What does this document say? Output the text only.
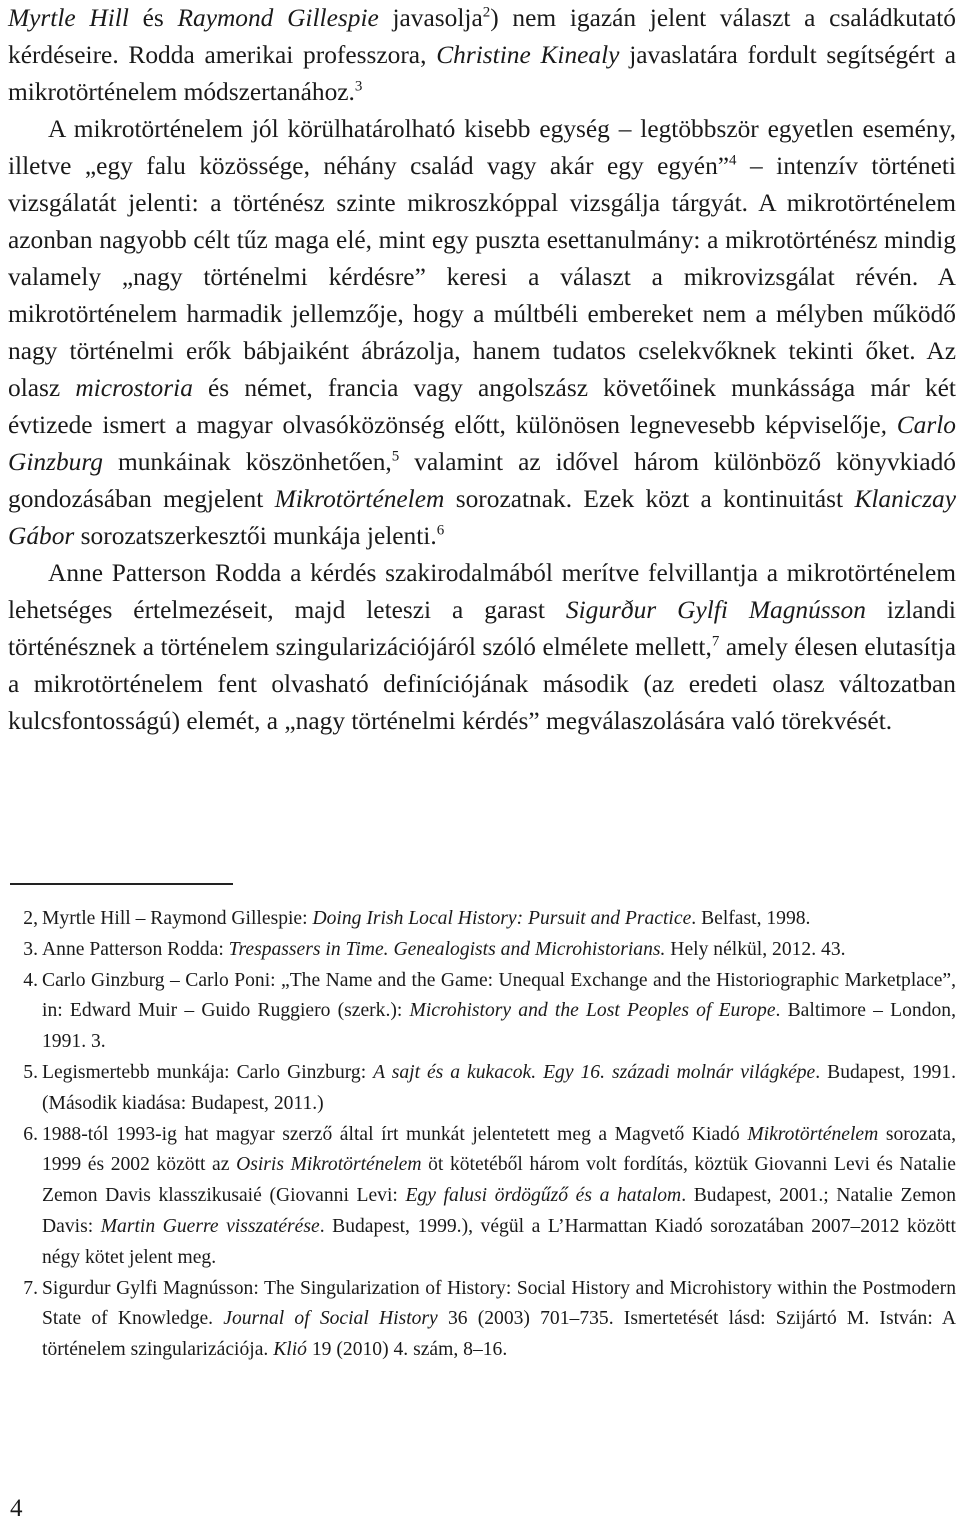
Myrtle Hill és Raymond Gillespie javasolja$^2$) nem igazán jelent választ a családkutató kérdéseire. Rodda amerikai professzora, Christine Kinealy javaslatára fordult segítségért a mikrotörténelem módszertanához.$^3$

A mikrotörténelem jól körülhatárolható kisebb egység – legtöbbször egyetlen esemény, illetve „egy falu közössége, néhány család vagy akár egy egyén”$^4$ – intenzív történeti vizsgálatát jelenti: a történész szinte mikroszkóppal vizsgálja tárgyát. A mikrotörténelem azonban nagyobb célt tűz maga elé, mint egy puszta esettanulmány: a mikrotörténész mindig valamely „nagy történelmi kérdésre” keresi a választ a mikrovizsgálat révén. A mikrotörténelem harmadik jellemzője, hogy a múltbéli embereket nem a mélyben működő nagy történelmi erők bábjaiként ábrázolja, hanem tudatos cselekvőknek tekinti őket. Az olasz microstoria és német, francia vagy angolszász követőinek munkássága már két évtizede ismert a magyar olvasóközönség előtt, különösen legnevesebb képviselője, Carlo Ginzburg munkáinak köszönhetően,$^5$ valamint az idővel három különböző könyvkiadó gondozásában megjelent Mikrotörténelem sorozatnak. Ezek közt a kontinuitást Klaniczay Gábor sorozatszerkesztői munkája jelenti.$^6$

Anne Patterson Rodda a kérdés szakirodalmából merítve felvillantja a mikrotörténelem lehetséges értelmezéseit, majd leteszi a garast Sigurður Gylfi Magnússon izlandi történésznek a történelem szingularizációjáról szóló elmélete mellett,$^7$ amely élesen elutasítja a mikrotörténelem fent olvasható definíciójának második (az eredeti olasz változatban kulcsfontosságú) elemét, a „nagy történelmi kérdés” megválaszolására való törekvését.

2, Myrtle Hill – Raymond Gillespie: Doing Irish Local History: Pursuit and Practice. Belfast, 1998.
3. Anne Patterson Rodda: Trespassers in Time. Genealogists and Microhistorians. Hely nélkül, 2012. 43.
4. Carlo Ginzburg – Carlo Poni: „The Name and the Game: Unequal Exchange and the Historiographic Marketplace”, in: Edward Muir – Guido Ruggiero (szerk.): Microhistory and the Lost Peoples of Europe. Baltimore – London, 1991. 3.
5. Legismertebb munkája: Carlo Ginzburg: A sajt és a kukacok. Egy 16. századi molnár világképe. Budapest, 1991. (Második kiadása: Budapest, 2011.)
6. 1988-tól 1993-ig hat magyar szerző által írt munkát jelentetett meg a Magvető Kiadó Mikrotörténelem sorozata, 1999 és 2002 között az Osiris Mikrotörténelem öt kötetéből három volt fordítás, köztük Giovanni Levi és Natalie Zemon Davis klasszikusaié (Giovanni Levi: Egy falusi ördögűző és a hatalom. Budapest, 2001.; Natalie Zemon Davis: Martin Guerre visszatérése. Budapest, 1999.), végül a L’Harmattan Kiadó sorozatában 2007–2012 között négy kötet jelent meg.
7. Sigurdur Gylfi Magnússon: The Singularization of History: Social History and Microhistory within the Postmodern State of Knowledge. Journal of Social History 36 (2003) 701–735. Ismertetését lásd: Szijártó M. István: A történelem szingularizációja. Klió 19 (2010) 4. szám, 8–16.
4
